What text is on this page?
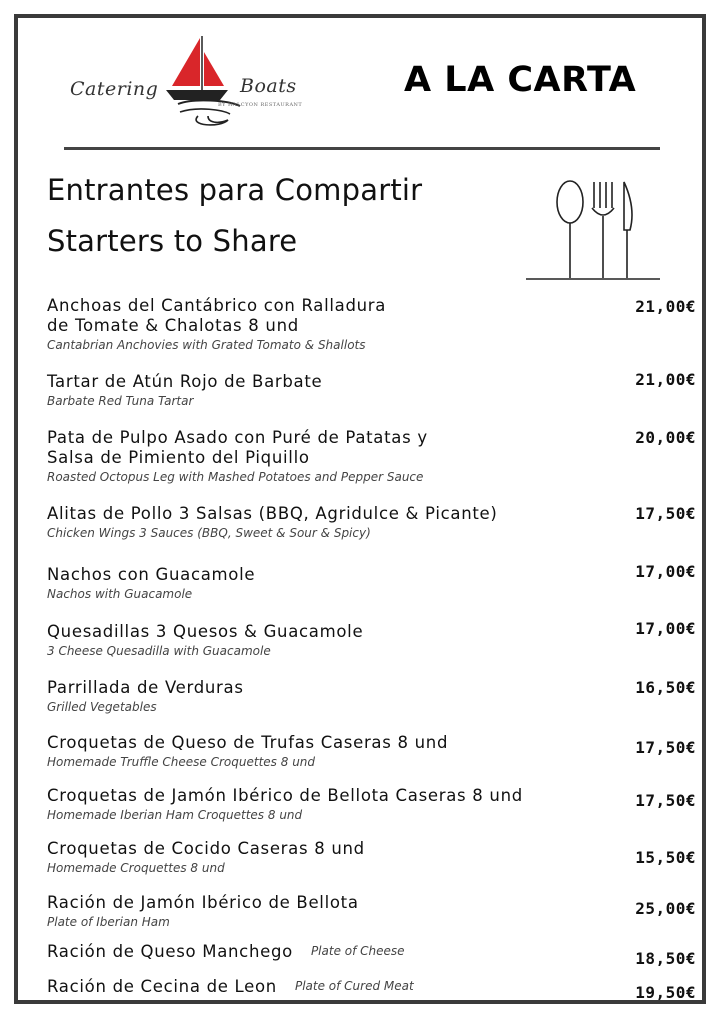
Catering	Boats
BY HALCYON RESTAURANT
A LA CARTA
Entrantes para Compartir
Starters to Share
Anchoas del Cantábrico con Ralladura
de Tomate & Chalotas 8 und
Cantabrian Anchovies with Grated Tomato & Shallots
21,00€
Tartar de Atún Rojo de Barbate
Barbate Red Tuna Tartar
21,00€
Pata de Pulpo Asado con Puré de Patatas y
Salsa de Pimiento del Piquillo
Roasted Octopus Leg with Mashed Potatoes and Pepper Sauce
20,00€
Alitas de Pollo 3 Salsas (BBQ, Agridulce & Picante)
Chicken Wings 3 Sauces (BBQ, Sweet & Sour & Spicy)
17,50€
Nachos con Guacamole
Nachos with Guacamole
17,00€
Quesadillas 3 Quesos & Guacamole
3 Cheese Quesadilla with Guacamole
17,00€
Parrillada de Verduras
Grilled Vegetables
16,50€
Croquetas de Queso de Trufas Caseras 8 und
Homemade Truffle Cheese Croquettes 8 und
17,50€
Croquetas de Jamón Ibérico de Bellota Caseras 8 und
Homemade Iberian Ham Croquettes 8 und
17,50€
Croquetas de Cocido Caseras 8 und
Homemade Croquettes 8 und
15,50€
Ración de Jamón Ibérico de Bellota
Plate of Iberian Ham
25,00€
Ración de Queso Manchego Plate of Cheese	18,50€
Ración de Cecina de Leon Plate of Cured Meat	19,50€
